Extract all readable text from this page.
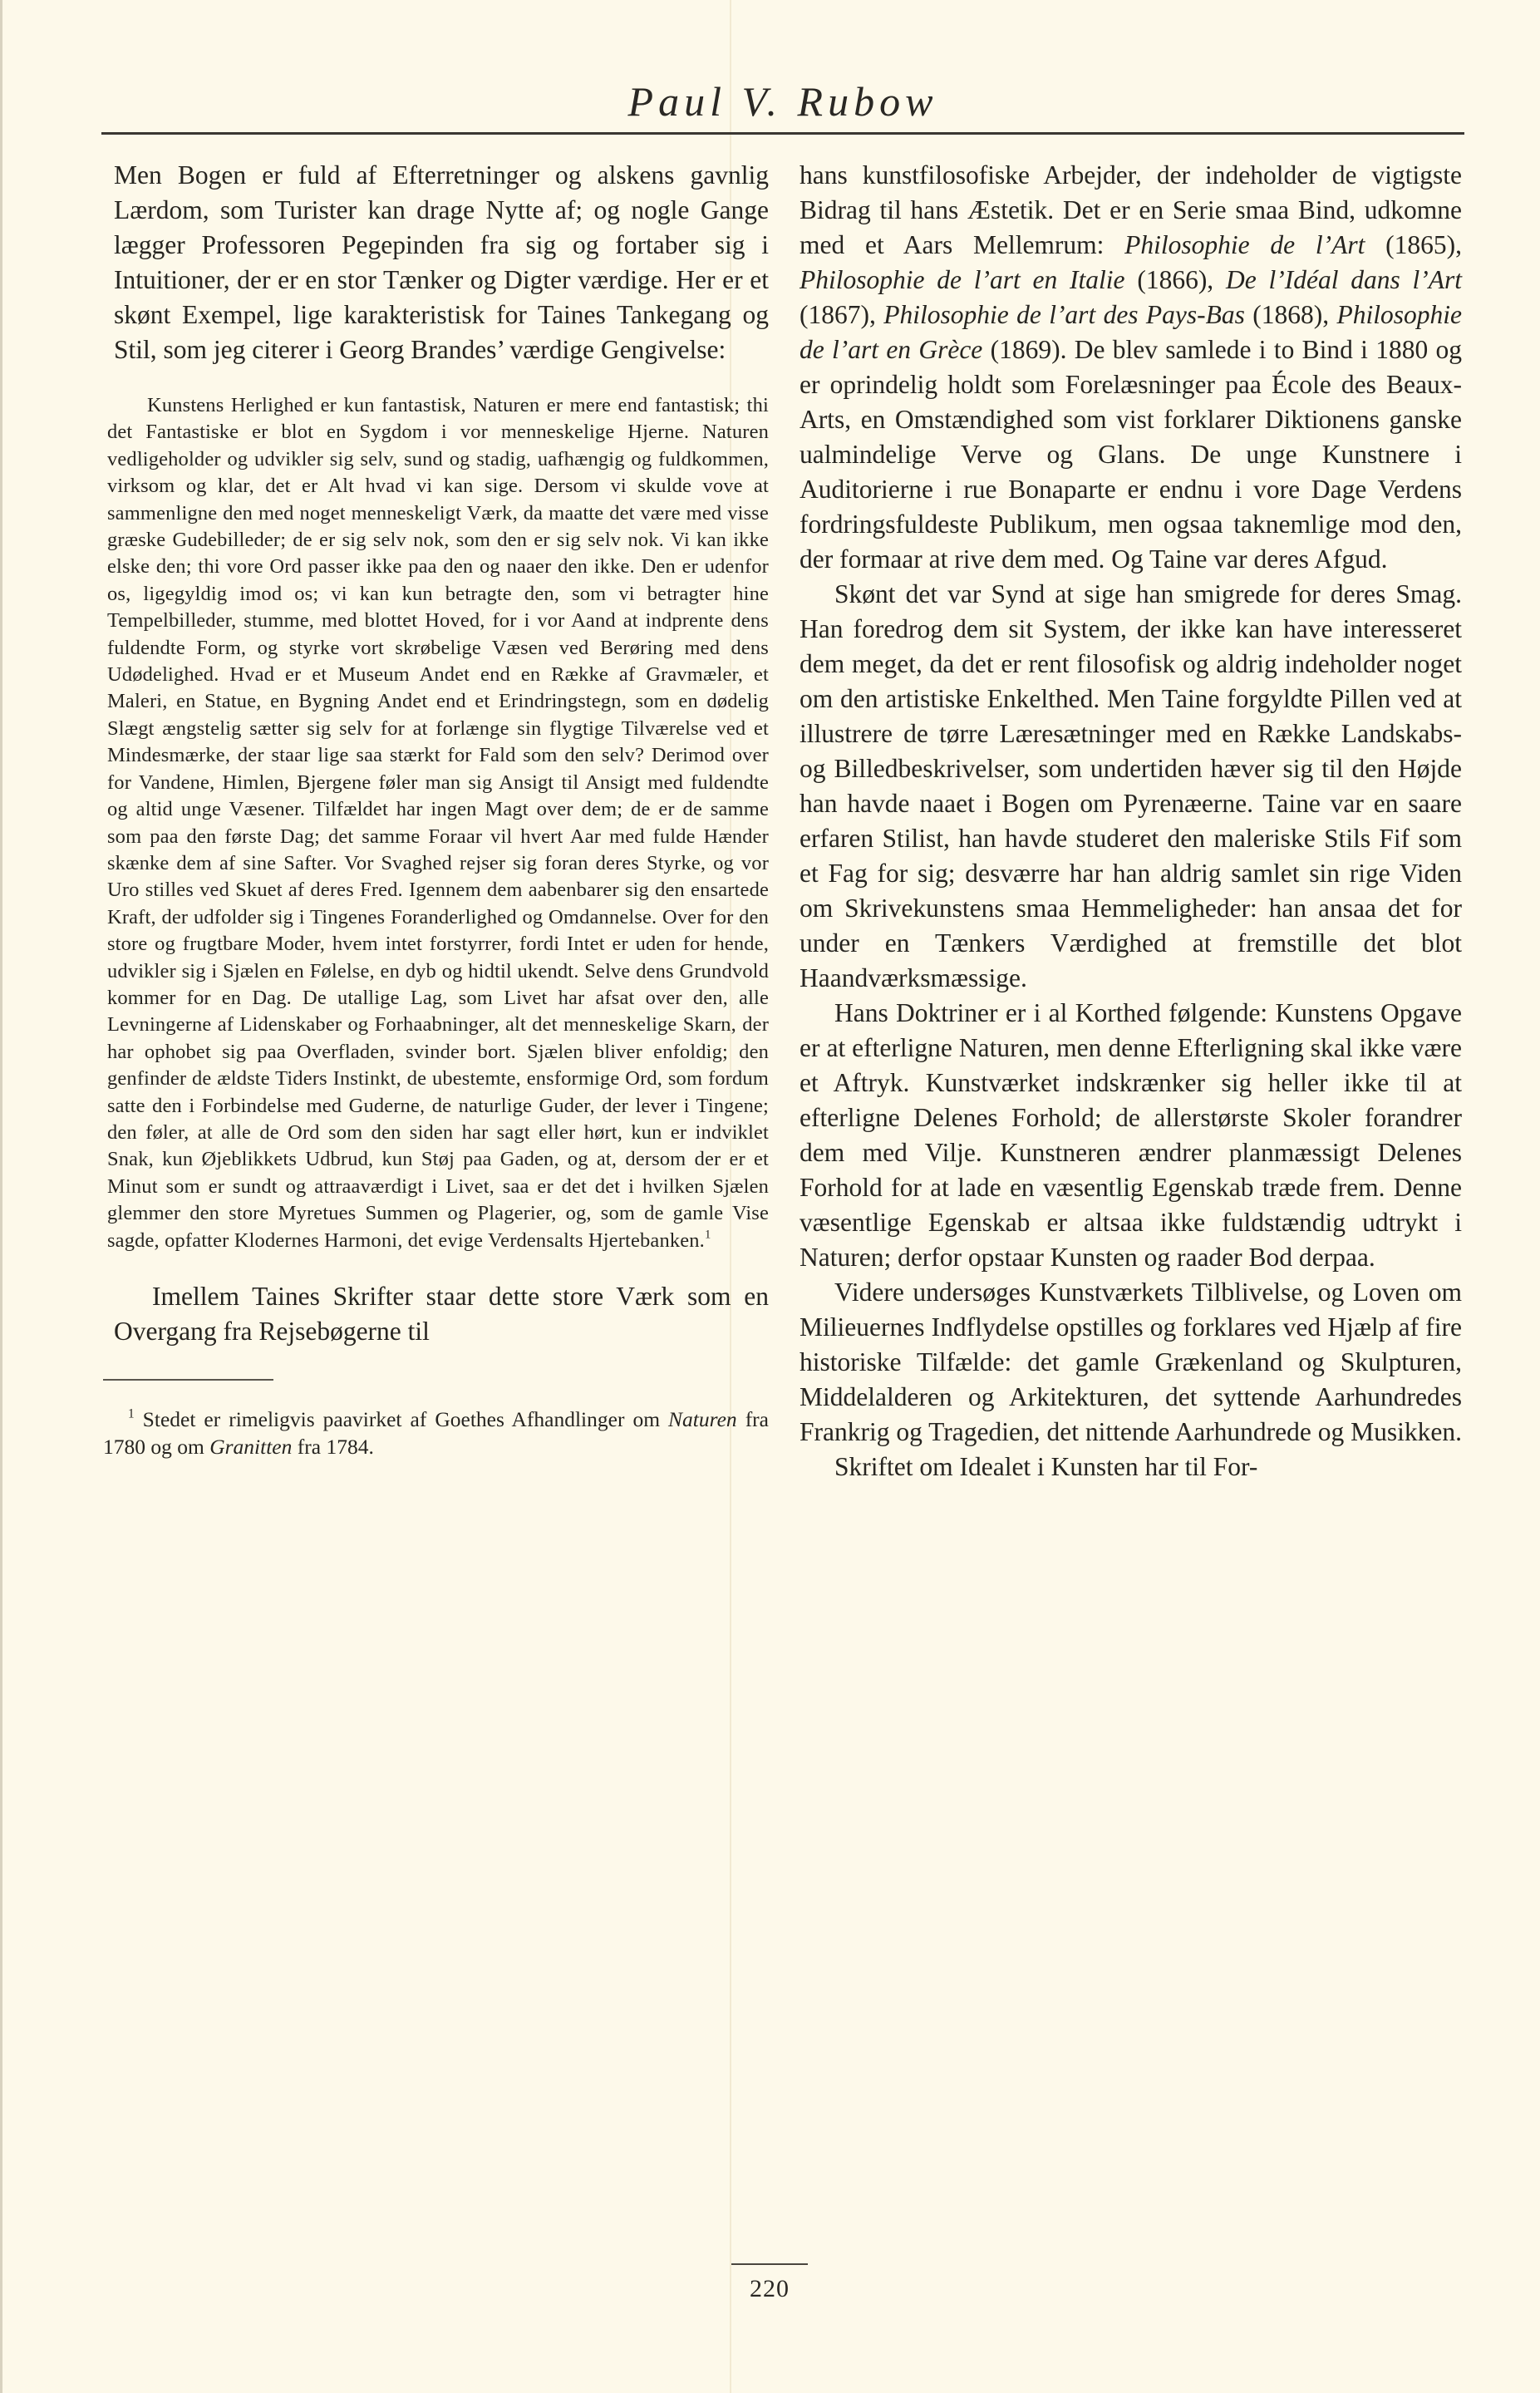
Paul V. Rubow

Men Bogen er fuld af Efterretninger og alskens gavnlig Lærdom, som Turister kan drage Nytte af; og nogle Gange lægger Professoren Pegepinden fra sig og fortaber sig i Intuitioner, der er en stor Tænker og Digter værdige. Her er et skønt Exempel, lige karakteristisk for Taines Tankegang og Stil, som jeg citerer i Georg Brandes’ værdige Gengivelse:

Kunstens Herlighed er kun fantastisk, Naturen er mere end fantastisk; thi det Fantastiske er blot en Sygdom i vor menneskelige Hjerne. Naturen vedligeholder og udvikler sig selv, sund og stadig, uafhængig og fuldkommen, virksom og klar, det er Alt hvad vi kan sige. Dersom vi skulde vove at sammenligne den med noget menneskeligt Værk, da maatte det være med visse græske Gudebilleder; de er sig selv nok, som den er sig selv nok. Vi kan ikke elske den; thi vore Ord passer ikke paa den og naaer den ikke. Den er udenfor os, ligegyldig imod os; vi kan kun betragte den, som vi betragter hine Tempelbilleder, stumme, med blottet Hoved, for i vor Aand at indprente dens fuldendte Form, og styrke vort skrøbelige Væsen ved Berøring med dens Udødelighed. Hvad er et Museum Andet end en Række af Gravmæler, et Maleri, en Statue, en Bygning Andet end et Erindringstegn, som en dødelig Slægt ængstelig sætter sig selv for at forlænge sin flygtige Tilværelse ved et Mindesmærke, der staar lige saa stærkt for Fald som den selv? Derimod over for Vandene, Himlen, Bjergene føler man sig Ansigt til Ansigt med fuldendte og altid unge Væsener. Tilfældet har ingen Magt over dem; de er de samme som paa den første Dag; det samme Foraar vil hvert Aar med fulde Hænder skænke dem af sine Safter. Vor Svaghed rejser sig foran deres Styrke, og vor Uro stilles ved Skuet af deres Fred. Igennem dem aabenbarer sig den ensartede Kraft, der udfolder sig i Tingenes Foranderlighed og Omdannelse. Over for den store og frugtbare Moder, hvem intet forstyrrer, fordi Intet er uden for hende, udvikler sig i Sjælen en Følelse, en dyb og hidtil ukendt. Selve dens Grundvold kommer for en Dag. De utallige Lag, som Livet har afsat over den, alle Levningerne af Lidenskaber og Forhaabninger, alt det menneskelige Skarn, der har ophobet sig paa Overfladen, svinder bort. Sjælen bliver enfoldig; den genfinder de ældste Tiders Instinkt, de ubestemte, ensformige Ord, som fordum satte den i Forbindelse med Guderne, de naturlige Guder, der lever i Tingene; den føler, at alle de Ord som den siden har sagt eller hørt, kun er indviklet Snak, kun Øjeblikkets Udbrud, kun Støj paa Gaden, og at, dersom der er et Minut som er sundt og attraaværdigt i Livet, saa er det det i hvilken Sjælen glemmer den store Myretues Summen og Plagerier, og, som de gamle Vise sagde, opfatter Klodernes Harmoni, det evige Verdensalts Hjertebanken.$^1$

Imellem Taines Skrifter staar dette store Værk som en Overgang fra Rejsebøgerne til

$^1$ Stedet er rimeligvis paavirket af Goethes Afhandlinger om Naturen fra 1780 og om Granitten fra 1784.

hans kunstfilosofiske Arbejder, der indeholder de vigtigste Bidrag til hans Æstetik. Det er en Serie smaa Bind, udkomne med et Aars Mellemrum: Philosophie de l’Art (1865), Philosophie de l’art en Italie (1866), De l’Idéal dans l’Art (1867), Philosophie de l’art des Pays-Bas (1868), Philosophie de l’art en Grèce (1869). De blev samlede i to Bind i 1880 og er oprindelig holdt som Forelæsninger paa École des Beaux-Arts, en Omstændighed som vist forklarer Diktionens ganske ualmindelige Verve og Glans. De unge Kunstnere i Auditorierne i rue Bonaparte er endnu i vore Dage Verdens fordringsfuldeste Publikum, men ogsaa taknemlige mod den, der formaar at rive dem med. Og Taine var deres Afgud.

Skønt det var Synd at sige han smigrede for deres Smag. Han foredrog dem sit System, der ikke kan have interesseret dem meget, da det er rent filosofisk og aldrig indeholder noget om den artistiske Enkelthed. Men Taine forgyldte Pillen ved at illustrere de tørre Læresætninger med en Række Landskabs- og Billedbeskrivelser, som undertiden hæver sig til den Højde han havde naaet i Bogen om Pyrenæerne. Taine var en saare erfaren Stilist, han havde studeret den maleriske Stils Fif som et Fag for sig; desværre har han aldrig samlet sin rige Viden om Skrivekunstens smaa Hemmeligheder: han ansaa det for under en Tænkers Værdighed at fremstille det blot Haandværksmæssige.

Hans Doktriner er i al Korthed følgende: Kunstens Opgave er at efterligne Naturen, men denne Efterligning skal ikke være et Aftryk. Kunstværket indskrænker sig heller ikke til at efterligne Delenes Forhold; de allerstørste Skoler forandrer dem med Vilje. Kunstneren ændrer planmæssigt Delenes Forhold for at lade en væsentlig Egenskab træde frem. Denne væsentlige Egenskab er altsaa ikke fuldstændig udtrykt i Naturen; derfor opstaar Kunsten og raader Bod derpaa.

Videre undersøges Kunstværkets Tilblivelse, og Loven om Milieuernes Indflydelse opstilles og forklares ved Hjælp af fire historiske Tilfælde: det gamle Grækenland og Skulpturen, Middelalderen og Arkitekturen, det syttende Aarhundredes Frankrig og Tragedien, det nittende Aarhundrede og Musikken.

Skriftet om Idealet i Kunsten har til For-

220
